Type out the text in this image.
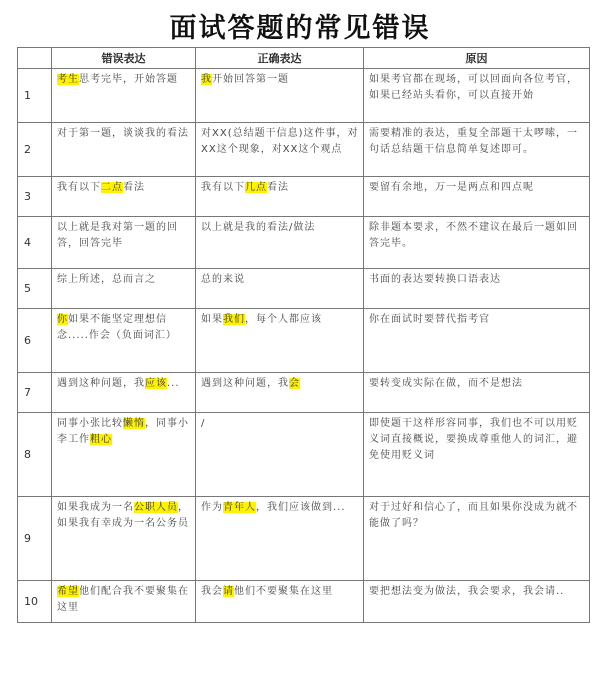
面试答题的常见错误
	错误表达	正确表达	原因
1	考生思考完毕，开始答题	我开始回答第一题	如果考官都在现场，可以回面向各位考官，如果已经站头看你，可以直接开始
2	对于第一题，谈谈我的看法	对XX(总结题干信息)这件事，对XX这个现象，对XX这个观点	需要精准的表达，重复全部题干太啰嗦，一句话总结题干信息简单复述即可。
3	我有以下二点看法	我有以下几点看法	要留有余地，万一是两点和四点呢
4	以上就是我对第一题的回答，回答完毕	以上就是我的看法/做法	除非题本要求，不然不建议在最后一题如回答完毕。
5	综上所述，总而言之	总的来说	书面的表达要转换口语表达
6	你如果不能坚定理想信念.....作会（负面词汇）	如果我们，每个人都应该	你在面试时要替代指考官
7	遇到这种问题，我应该...	遇到这种问题，我会	要转变成实际在做，而不是想法
8	同事小张比较懒惰，同事小李工作粗心	/	即使题干这样形容同事，我们也不可以用贬义词直接概说，要换成尊重他人的词汇，避免使用贬义词
9	如果我成为一名公职人员，如果我有幸成为一名公务员	作为青年人，我们应该做到...	对于过好和信心了，而且如果你没成为就不能做了吗？
10	希望他们配合我不要聚集在这里	我会请他们不要聚集在这里	要把想法变为做法，我会要求，我会请..
